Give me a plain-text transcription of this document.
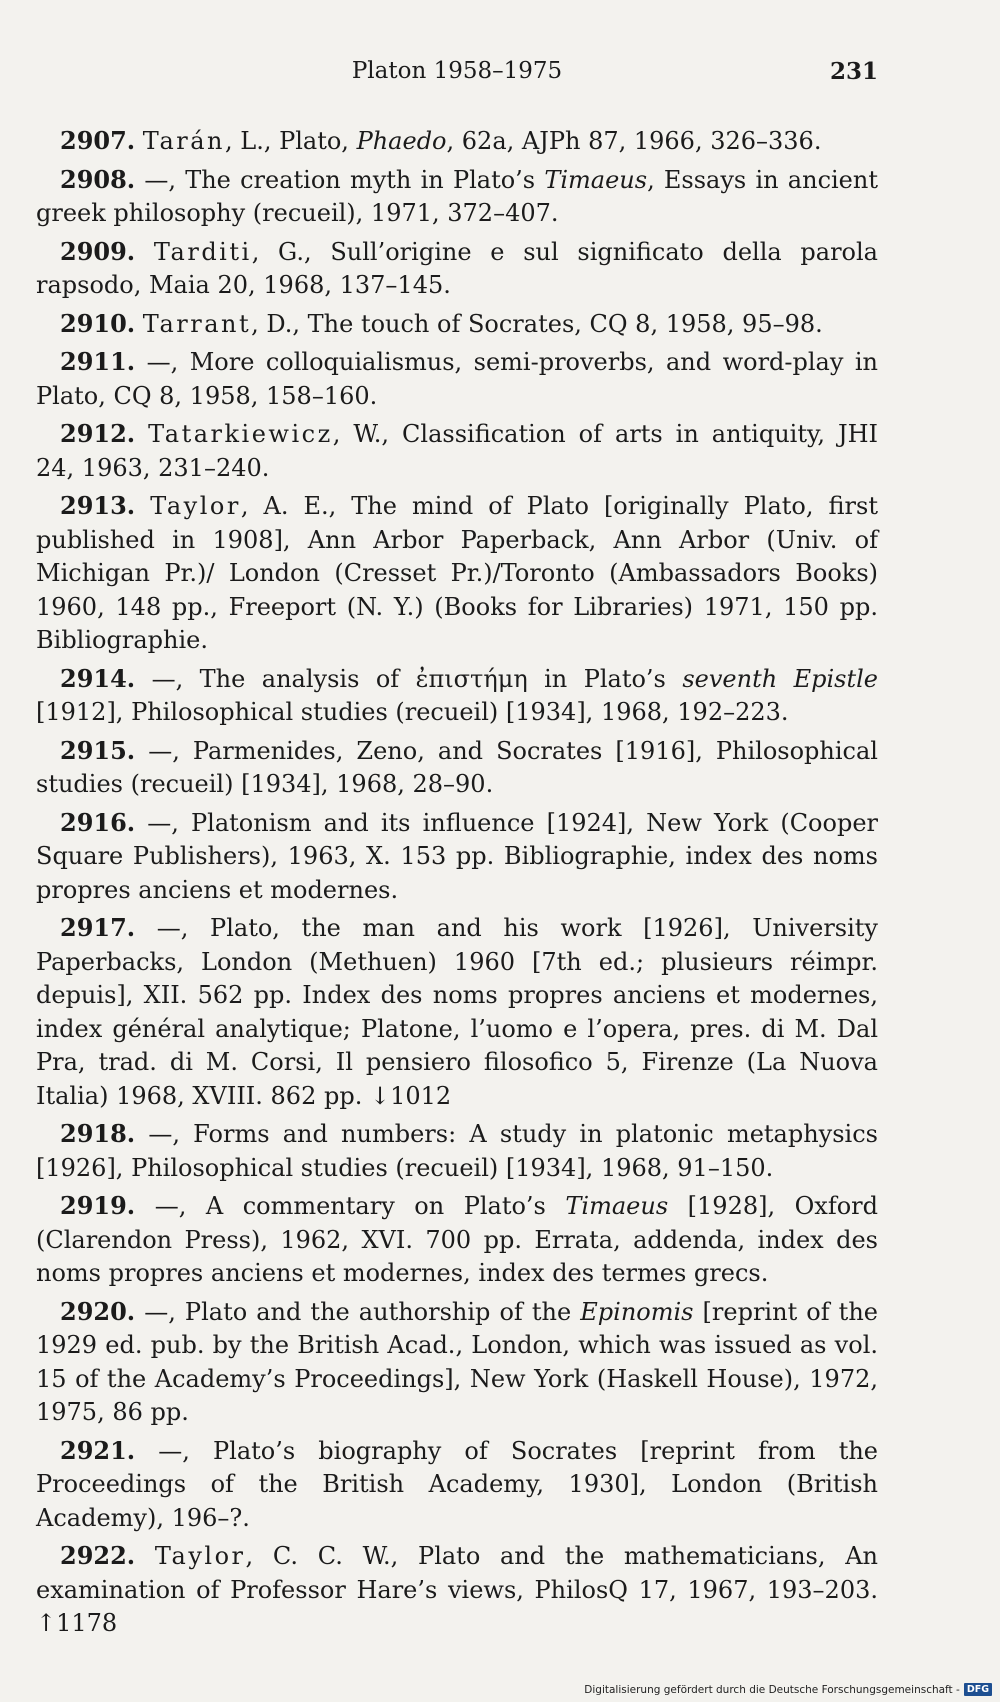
Platon 1958–1975	231

2907. Tarán, L., Plato, Phaedo, 62a, AJPh 87, 1966, 326–336.

2908. —, The creation myth in Plato’s Timaeus, Essays in ancient greek philosophy (recueil), 1971, 372–407.

2909. Tarditi, G., Sull’origine e sul significato della parola rapsodo, Maia 20, 1968, 137–145.

2910. Tarrant, D., The touch of Socrates, CQ 8, 1958, 95–98.

2911. —, More colloquialismus, semi-proverbs, and word-play in Plato, CQ 8, 1958, 158–160.

2912. Tatarkiewicz, W., Classification of arts in antiquity, JHI 24, 1963, 231–240.

2913. Taylor, A. E., The mind of Plato [originally Plato, first published in 1908], Ann Arbor Paperback, Ann Arbor (Univ. of Michigan Pr.)/ London (Cresset Pr.)/Toronto (Ambassadors Books) 1960, 148 pp., Freeport (N. Y.) (Books for Libraries) 1971, 150 pp. Bibliographie.

2914. —, The analysis of ἐπιστήμη in Plato’s seventh Epistle [1912], Philosophical studies (recueil) [1934], 1968, 192–223.

2915. —, Parmenides, Zeno, and Socrates [1916], Philosophical studies (recueil) [1934], 1968, 28–90.

2916. —, Platonism and its influence [1924], New York (Cooper Square Publishers), 1963, X. 153 pp. Bibliographie, index des noms propres anciens et modernes.

2917. —, Plato, the man and his work [1926], University Paperbacks, London (Methuen) 1960 [7th ed.; plusieurs réimpr. depuis], XII. 562 pp. Index des noms propres anciens et modernes, index général analytique; Platone, l’uomo e l’opera, pres. di M. Dal Pra, trad. di M. Corsi, Il pensiero filosofico 5, Firenze (La Nuova Italia) 1968, XVIII. 862 pp. ↓1012

2918. —, Forms and numbers: A study in platonic metaphysics [1926], Philosophical studies (recueil) [1934], 1968, 91–150.

2919. —, A commentary on Plato’s Timaeus [1928], Oxford (Clarendon Press), 1962, XVI. 700 pp. Errata, addenda, index des noms propres anciens et modernes, index des termes grecs.

2920. —, Plato and the authorship of the Epinomis [reprint of the 1929 ed. pub. by the British Acad., London, which was issued as vol. 15 of the Academy’s Proceedings], New York (Haskell House), 1972, 1975, 86 pp.

2921. —, Plato’s biography of Socrates [reprint from the Proceedings of the British Academy, 1930], London (British Academy), 196–?.

2922. Taylor, C. C. W., Plato and the mathematicians, An examination of Professor Hare’s views, PhilosQ 17, 1967, 193–203. ↑1178

Digitalisierung gefördert durch die Deutsche Forschungsgemeinschaft - DFG
